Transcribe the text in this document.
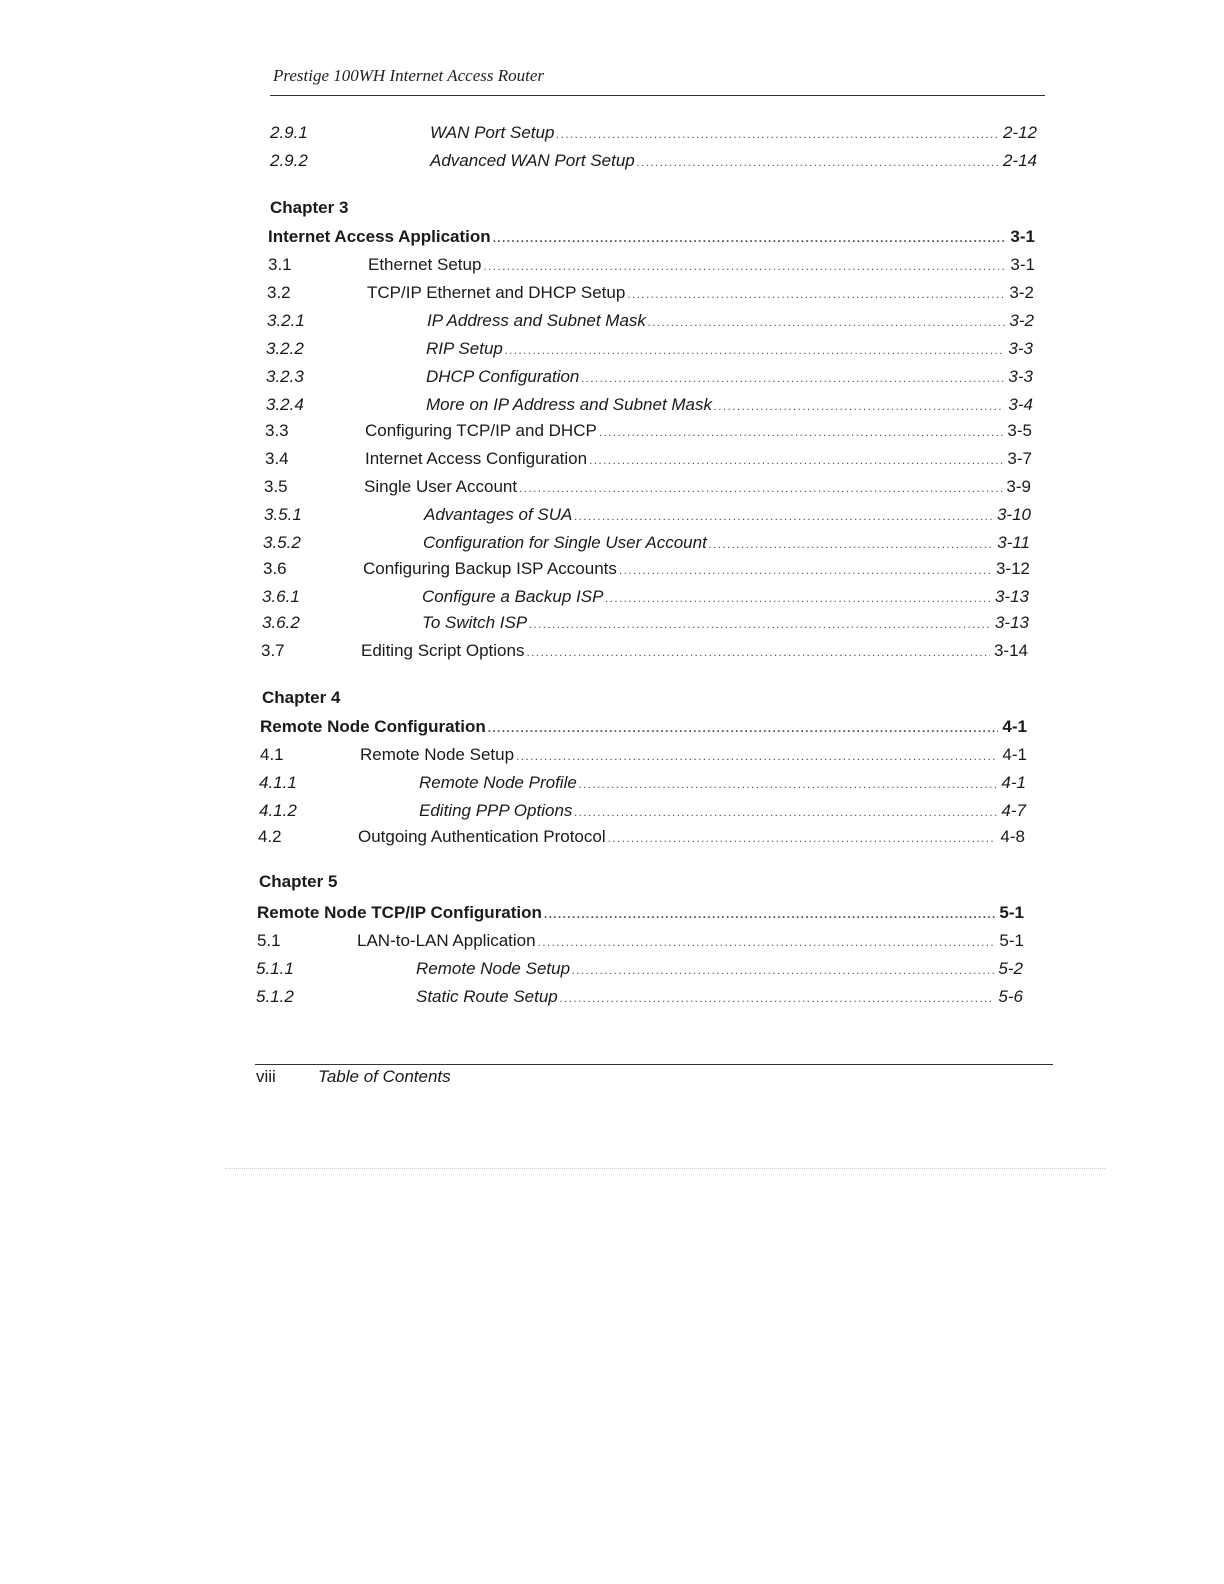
Prestige 100WH Internet Access Router
2.9.1	WAN Port Setup . . .	2-12
2.9.2	Advanced WAN Port Setup . . .	2-14
Chapter 3
Internet Access Application . . .	3-1
3.1	Ethernet Setup . . .	3-1
3.2	TCP/IP Ethernet and DHCP Setup . . .	3-2
3.2.1	IP Address and Subnet Mask . . .	3-2
3.2.2	RIP Setup . . .	3-3
3.2.3	DHCP Configuration . . .	3-3
3.2.4	More on IP Address and Subnet Mask . . .	3-4
3.3	Configuring TCP/IP and DHCP . . .	3-5
3.4	Internet Access Configuration . . .	3-7
3.5	Single User Account . . .	3-9
3.5.1	Advantages of SUA . . .	3-10
3.5.2	Configuration for Single User Account . . .	3-11
3.6	Configuring Backup ISP Accounts . . .	3-12
3.6.1	Configure a Backup ISP . . .	3-13
3.6.2	To Switch ISP . . .	3-13
3.7	Editing Script Options . . .	3-14
Chapter 4
Remote Node Configuration . . .	4-1
4.1	Remote Node Setup . . .	4-1
4.1.1	Remote Node Profile . . .	4-1
4.1.2	Editing PPP Options . . .	4-7
4.2	Outgoing Authentication Protocol . . .	4-8
Chapter 5
Remote Node TCP/IP Configuration . . .	5-1
5.1	LAN-to-LAN Application . . .	5-1
5.1.1	Remote Node Setup . . .	5-2
5.1.2	Static Route Setup . . .	5-6
viii Table of Contents
